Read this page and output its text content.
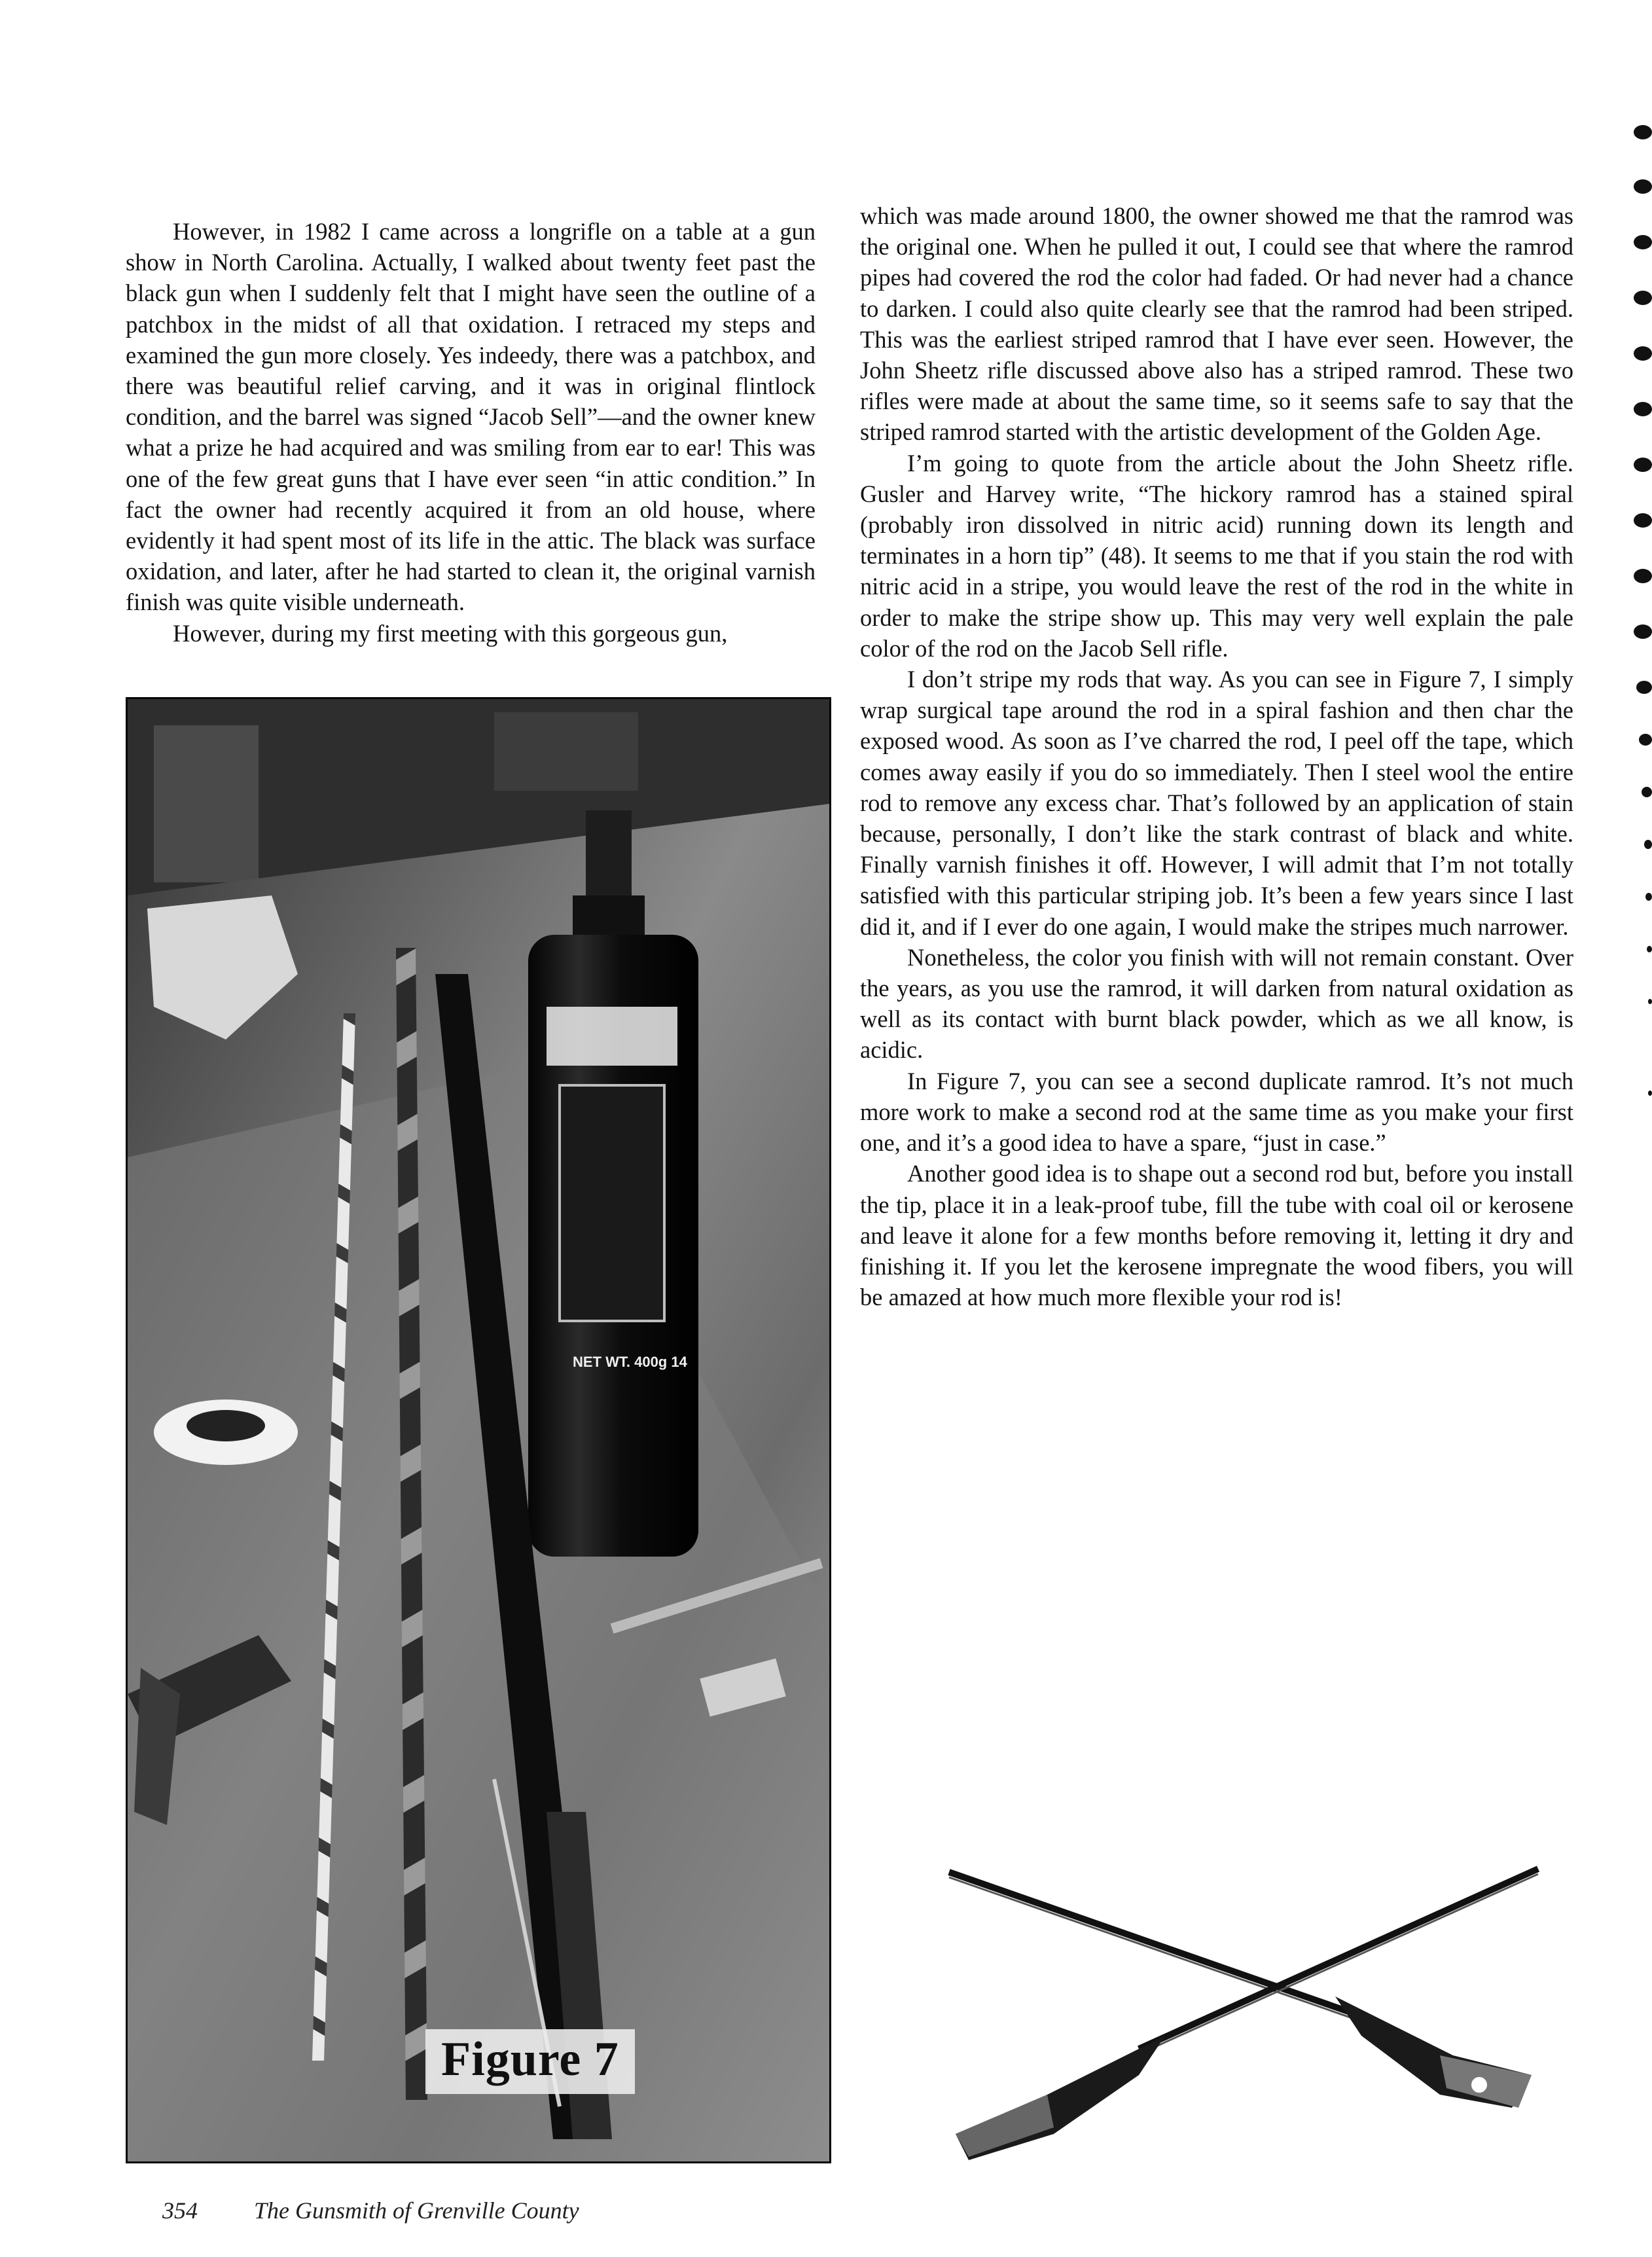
However, in 1982 I came across a longrifle on a table at a gun show in North Carolina. Actually, I walked about twenty feet past the black gun when I suddenly felt that I might have seen the outline of a patchbox in the midst of all that oxidation. I retraced my steps and examined the gun more closely. Yes indeedy, there was a patchbox, and there was beautiful relief carving, and it was in original flintlock condition, and the barrel was signed “Jacob Sell”—and the owner knew what a prize he had acquired and was smiling from ear to ear! This was one of the few great guns that I have ever seen “in attic condition.” In fact the owner had recently acquired it from an old house, where evidently it had spent most of its life in the attic. The black was surface oxidation, and later, after he had started to clean it, the original varnish finish was quite visible underneath.

However, during my first meeting with this gorgeous gun,

NET WT. 400g 14
Figure 7

which was made around 1800, the owner showed me that the ramrod was the original one. When he pulled it out, I could see that where the ramrod pipes had covered the rod the color had faded. Or had never had a chance to darken. I could also quite clearly see that the ramrod had been striped. This was the earliest striped ramrod that I have ever seen. However, the John Sheetz rifle discussed above also has a striped ramrod. These two rifles were made at about the same time, so it seems safe to say that the striped ramrod started with the artistic development of the Golden Age.

I’m going to quote from the article about the John Sheetz rifle. Gusler and Harvey write, “The hickory ramrod has a stained spiral (probably iron dissolved in nitric acid) running down its length and terminates in a horn tip” (48). It seems to me that if you stain the rod with nitric acid in a stripe, you would leave the rest of the rod in the white in order to make the stripe show up. This may very well explain the pale color of the rod on the Jacob Sell rifle.

I don’t stripe my rods that way. As you can see in Figure 7, I simply wrap surgical tape around the rod in a spiral fashion and then char the exposed wood. As soon as I’ve charred the rod, I peel off the tape, which comes away easily if you do so immediately. Then I steel wool the entire rod to remove any excess char. That’s followed by an application of stain because, personally, I don’t like the stark contrast of black and white. Finally varnish finishes it off. However, I will admit that I’m not totally satisfied with this particular striping job. It’s been a few years since I last did it, and if I ever do one again, I would make the stripes much narrower.

Nonetheless, the color you finish with will not remain constant. Over the years, as you use the ramrod, it will darken from natural oxidation as well as its contact with burnt black powder, which as we all know, is acidic.

In Figure 7, you can see a second duplicate ramrod. It’s not much more work to make a second rod at the same time as you make your first one, and it’s a good idea to have a spare, “just in case.”

Another good idea is to shape out a second rod but, before you install the tip, place it in a leak-proof tube, fill the tube with coal oil or kerosene and leave it alone for a few months before removing it, letting it dry and finishing it. If you let the kerosene impregnate the wood fibers, you will be amazed at how much more flexible your rod is!

354 The Gunsmith of Grenville County
